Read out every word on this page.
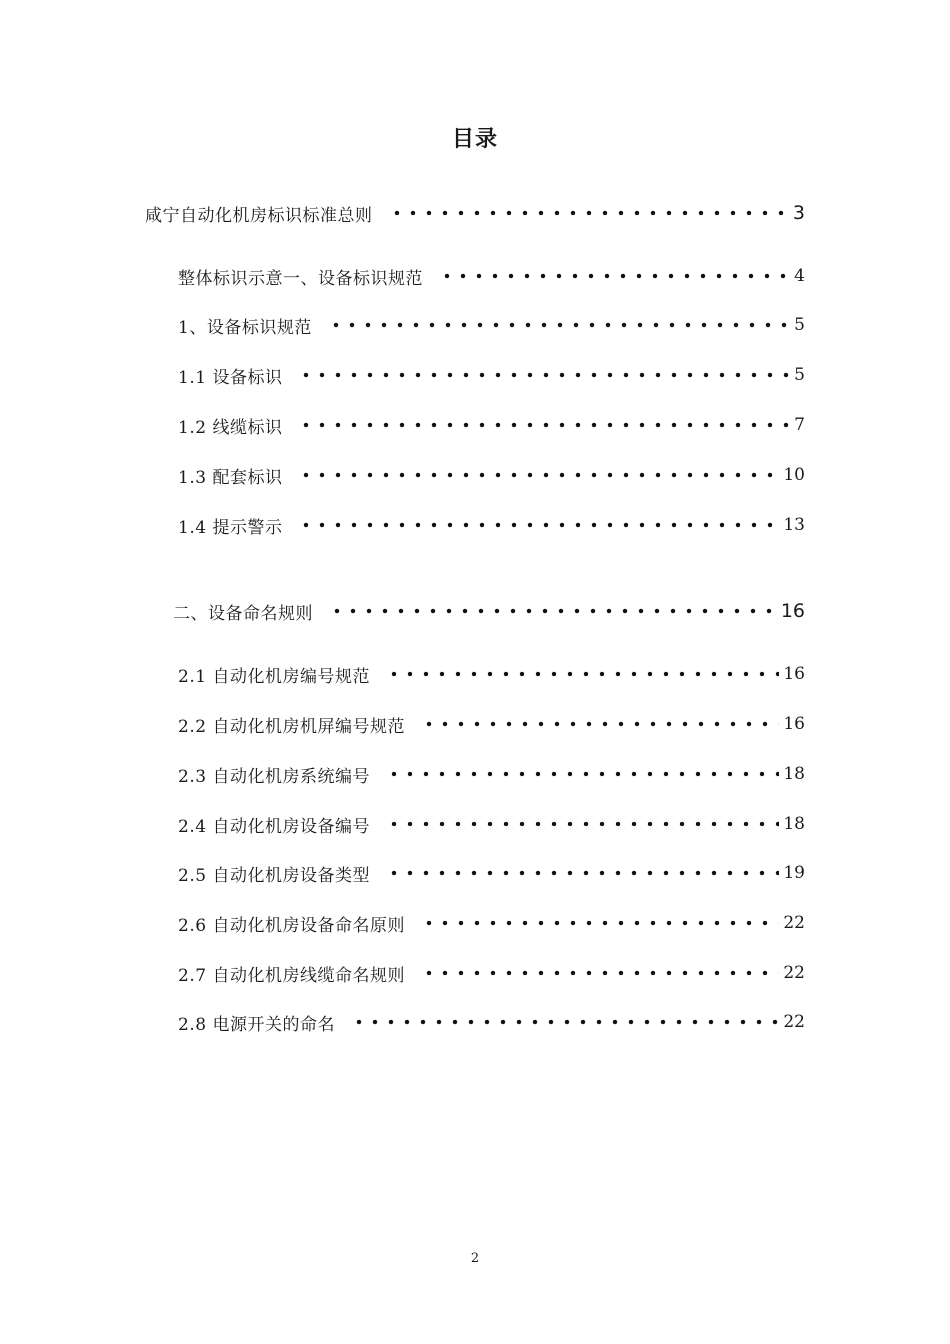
目录
咸宁自动化机房标识标准总则	3
整体标识示意一、设备标识规范	4
1、设备标识规范	5
1.1 设备标识	5
1.2 线缆标识	7
1.3 配套标识	10
1.4 提示警示	13
二、设备命名规则	16
2.1 自动化机房编号规范	16
2.2 自动化机房机屏编号规范	16
2.3 自动化机房系统编号	18
2.4 自动化机房设备编号	18
2.5 自动化机房设备类型	19
2.6 自动化机房设备命名原则	22
2.7 自动化机房线缆命名规则	22
2.8 电源开关的命名	22
2
